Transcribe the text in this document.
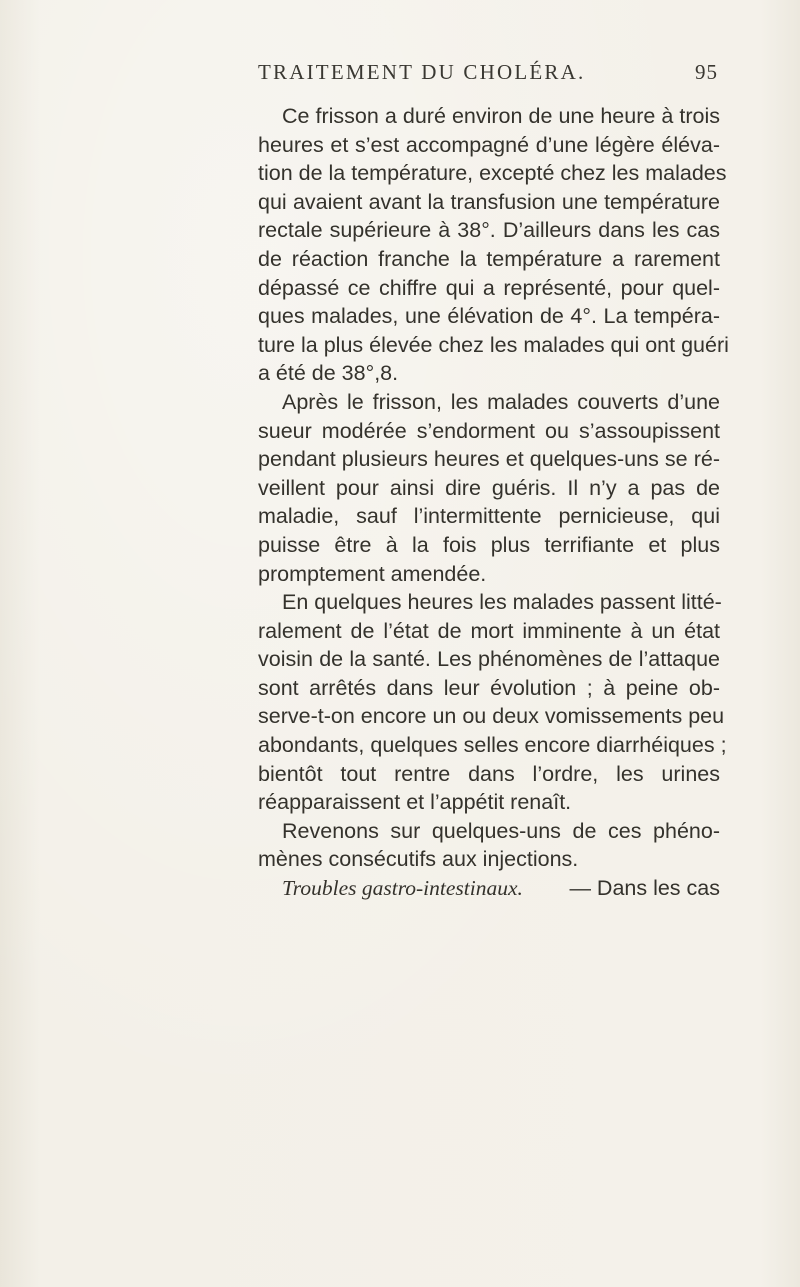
TRAITEMENT DU CHOLÉRA.	95
Ce frisson a duré environ de une heure à trois
heures et s’est accompagné d’une légère éléva-
tion de la température, excepté chez les malades
qui avaient avant la transfusion une température
rectale supérieure à 38°. D’ailleurs dans les cas
de réaction franche la température a rarement
dépassé ce chiffre qui a représenté, pour quel-
ques malades, une élévation de 4°. La tempéra-
ture la plus élevée chez les malades qui ont guéri
a été de 38°,8.
Après le frisson, les malades couverts d’une
sueur modérée s’endorment ou s’assoupissent
pendant plusieurs heures et quelques-uns se ré-
veillent pour ainsi dire guéris. Il n’y a pas de
maladie, sauf l’intermittente pernicieuse, qui
puisse être à la fois plus terrifiante et plus
promptement amendée.
En quelques heures les malades passent litté-
ralement de l’état de mort imminente à un état
voisin de la santé. Les phénomènes de l’attaque
sont arrêtés dans leur évolution ; à peine ob-
serve-t-on encore un ou deux vomissements peu
abondants, quelques selles encore diarrhéiques ;
bientôt tout rentre dans l’ordre, les urines
réapparaissent et l’appétit renaît.
Revenons sur quelques-uns de ces phéno-
mènes consécutifs aux injections.
Troubles gastro-intestinaux. — Dans les cas
